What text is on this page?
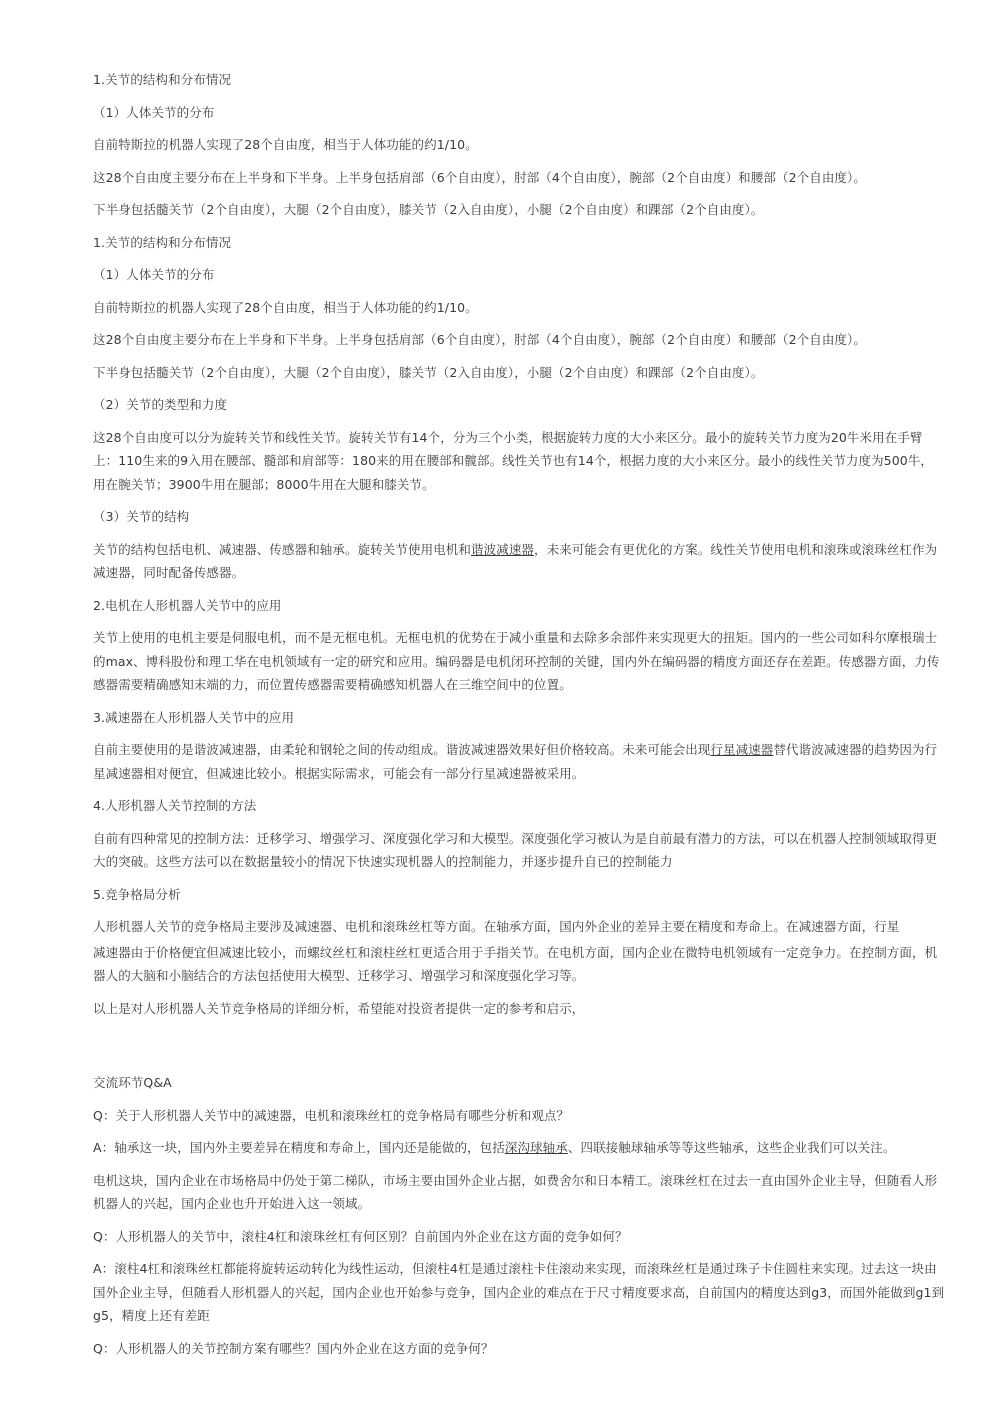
1.关节的结构和分布情况

（1）人体关节的分布

自前特斯拉的机器人实现了28个自由度，相当于人体功能的约1/10。

这28个自由度主要分布在上半身和下半身。上半身包括肩部（6个自由度），肘部（4个自由度），腕部（2个自由度）和腰部（2个自由度）。

下半身包括髓关节（2个自由度），大腿（2个自由度），膝关节（2入自由度），小腿（2个自由度）和踝部（2个自由度）。

1.关节的结构和分布情况

（1）人体关节的分布

自前特斯拉的机器人实现了28个自由度，相当于人体功能的约1/10。

这28个自由度主要分布在上半身和下半身。上半身包括肩部（6个自由度），肘部（4个自由度），腕部（2个自由度）和腰部（2个自由度）。

下半身包括髓关节（2个自由度），大腿（2个自由度），膝关节（2入自由度），小腿（2个自由度）和踝部（2个自由度）。

（2）关节的类型和力度

这28个自由度可以分为旋转关节和线性关节。旋转关节有14个，分为三个小类，根据旋转力度的大小来区分。最小的旋转关节力度为20牛米用在手臂上：110生来的9入用在腰部、髓部和肩部等：180来的用在腰部和髋部。线性关节也有14个，根据力度的大小来区分。最小的线性关节力度为500牛，用在腕关节；3900牛用在腿部；8000牛用在大腿和膝关节。

（3）关节的结构

关节的结构包括电机、减速器、传感器和轴承。旋转关节使用电机和谐波减速器，未来可能会有更优化的方案。线性关节使用电机和滚珠或滚珠丝杠作为减速器，同时配备传感器。

2.电机在人形机器人关节中的应用

关节上使用的电机主要是伺服电机，而不是无框电机。无框电机的优势在于减小重量和去除多余部件来实现更大的扭矩。国内的一些公司如科尔摩根瑞士的max、博科股份和理工华在电机领域有一定的研究和应用。编码器是电机闭环控制的关键，国内外在编码器的精度方面还存在差距。传感器方面，力传感器需要精确感知末端的力，而位置传感器需要精确感知机器人在三维空间中的位置。

3.减速器在人形机器人关节中的应用

自前主要使用的是谐波减速器，由柔轮和钢轮之间的传动组成。谐波减速器效果好但价格较高。未来可能会出现行星减速器替代谐波减速器的趋势因为行星减速器相对便宜，但减速比较小。根据实际需求，可能会有一部分行星减速器被采用。

4.人形机器人关节控制的方法

自前有四种常见的控制方法：迁移学习、增强学习、深度强化学习和大模型。深度强化学习被认为是自前最有潜力的方法，可以在机器人控制领域取得更大的突破。这些方法可以在数据量较小的情况下快速实现机器人的控制能力，并逐步提升自已的控制能力

5.竞争格局分析

人形机器人关节的竞争格局主要涉及减速器、电机和滚珠丝杠等方面。在轴承方面，国内外企业的差异主要在精度和寿命上。在减速器方面，行星

减速器由于价格便宜但减速比较小，而螺纹丝杠和滚柱丝杠更适合用于手指关节。在电机方面，国内企业在微特电机领域有一定竞争力。在控制方面，机器人的大脑和小脑结合的方法包括使用大模型、迁移学习、增强学习和深度强化学习等。

以上是对人形机器人关节竞争格局的详细分析，希望能对投资者提供一定的参考和启示，

交流环节Q&A

Q：关于人形机器人关节中的减速器，电机和滚珠丝杠的竞争格局有哪些分析和观点？

A：轴承这一块，国内外主要差异在精度和寿命上，国内还是能做的，包括深沟球轴承、四联接触球轴承等等这些轴承，这些企业我们可以关注。

电机这块，国内企业在市场格局中仍处于第二梯队，市场主要由国外企业占据，如费舍尔和日本精工。滚珠丝杠在过去一直由国外企业主导，但随看人形机器人的兴起，国内企业也升开始进入这一领域。

Q：人形机器人的关节中，滚柱4杠和滚珠丝杠有何区别？自前国内外企业在这方面的竞争如何？

A：滚柱4杠和滚珠丝杠都能将旋转运动转化为线性运动，但滚柱4杠是通过滚柱卡住滚动来实现，而滚珠丝杠是通过珠子卡住圆柱来实现。过去这一块由国外企业主导，但随看人形机器人的兴起，国内企业也开始参与竞争，国内企业的难点在于尺寸精度要求高，自前国内的精度达到g3，而国外能做到g1到g5，精度上还有差距

Q：人形机器人的关节控制方案有哪些？国内外企业在这方面的竞争何？
